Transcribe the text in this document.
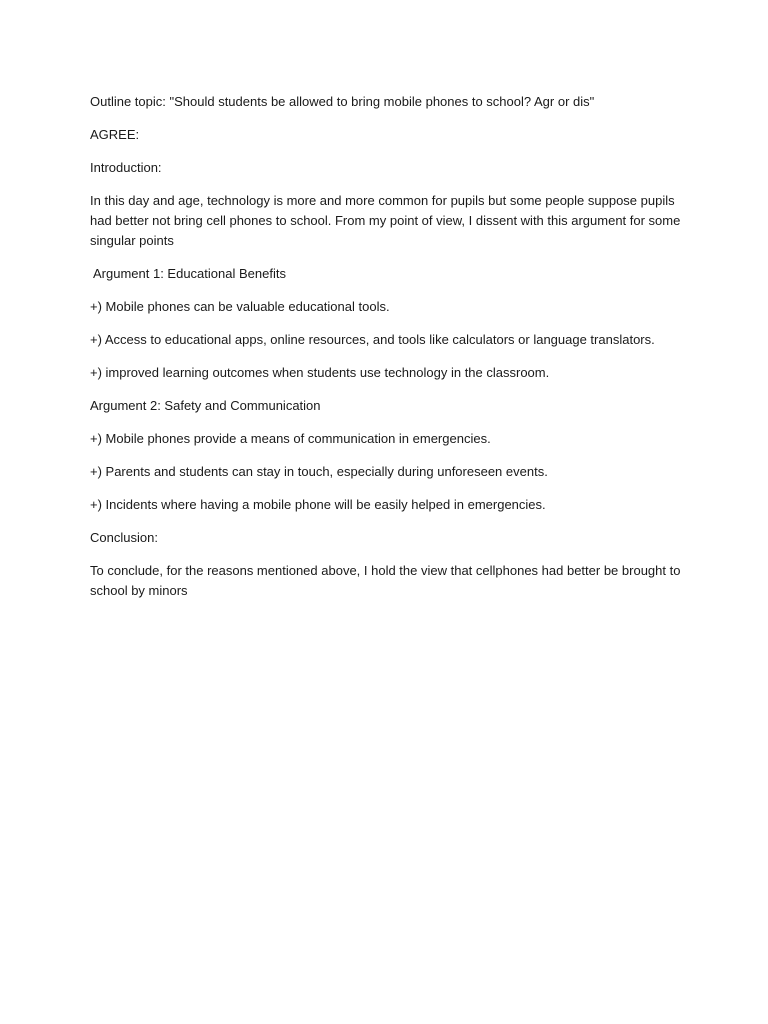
Outline topic: "Should students be allowed to bring mobile phones to school? Agr or dis"

AGREE:

Introduction:

In this day and age, technology is more and more common for pupils but some people suppose pupils had better not bring cell phones to school. From my point of view, I dissent with this argument for some singular points

Argument 1: Educational Benefits

+) Mobile phones can be valuable educational tools.

+) Access to educational apps, online resources, and tools like calculators or language translators.

+) improved learning outcomes when students use technology in the classroom.

Argument 2: Safety and Communication

+) Mobile phones provide a means of communication in emergencies.

+) Parents and students can stay in touch, especially during unforeseen events.

+) Incidents where having a mobile phone will be easily helped in emergencies.

Conclusion:

To conclude, for the reasons mentioned above, I hold the view that cellphones had better be brought to school by minors
